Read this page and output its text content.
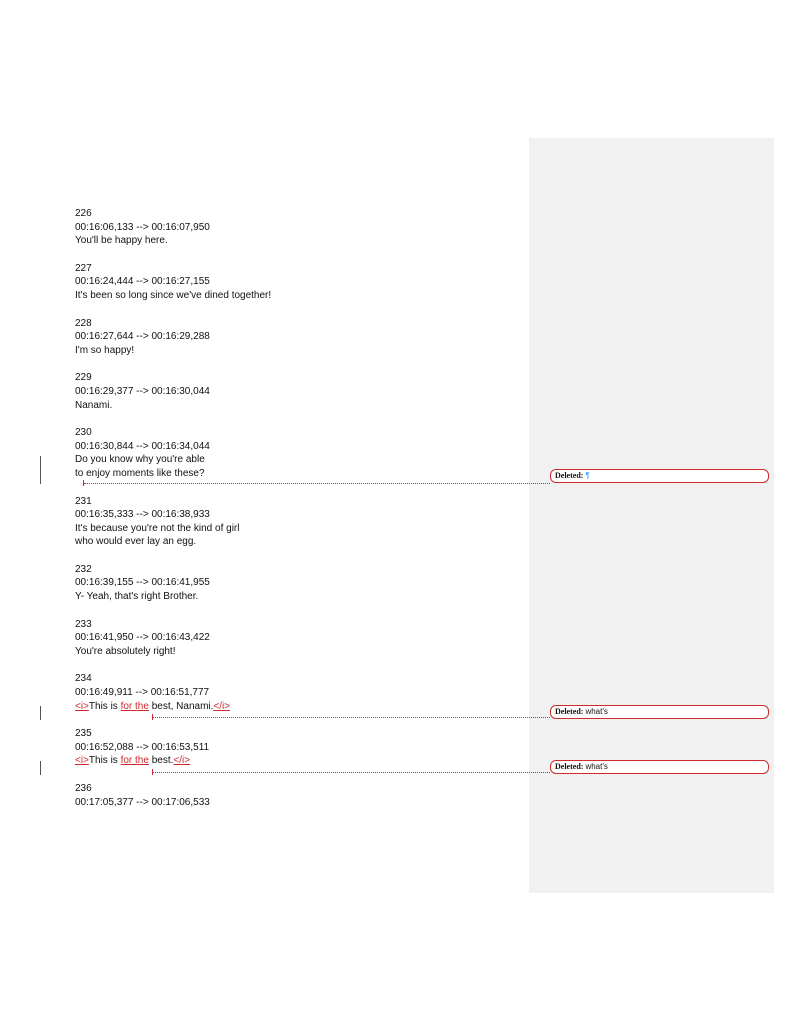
226
00:16:06,133 --> 00:16:07,950
You'll be happy here.
227
00:16:24,444 --> 00:16:27,155
It's been so long since we've dined together!
228
00:16:27,644 --> 00:16:29,288
I'm so happy!
229
00:16:29,377 --> 00:16:30,044
Nanami.
230
00:16:30,844 --> 00:16:34,044
Do you know why you're able
to enjoy moments like these?
231
00:16:35,333 --> 00:16:38,933
It's because you're not the kind of girl
who would ever lay an egg.
232
00:16:39,155 --> 00:16:41,955
Y- Yeah, that's right Brother.
233
00:16:41,950 --> 00:16:43,422
You're absolutely right!
234
00:16:49,911 --> 00:16:51,777
<i>This is for the best, Nanami.</i>
235
00:16:52,088 --> 00:16:53,511
<i>This is for the best.</i>
236
00:17:05,377 --> 00:17:06,533
Deleted: ¶
Deleted: what's
Deleted: what's
